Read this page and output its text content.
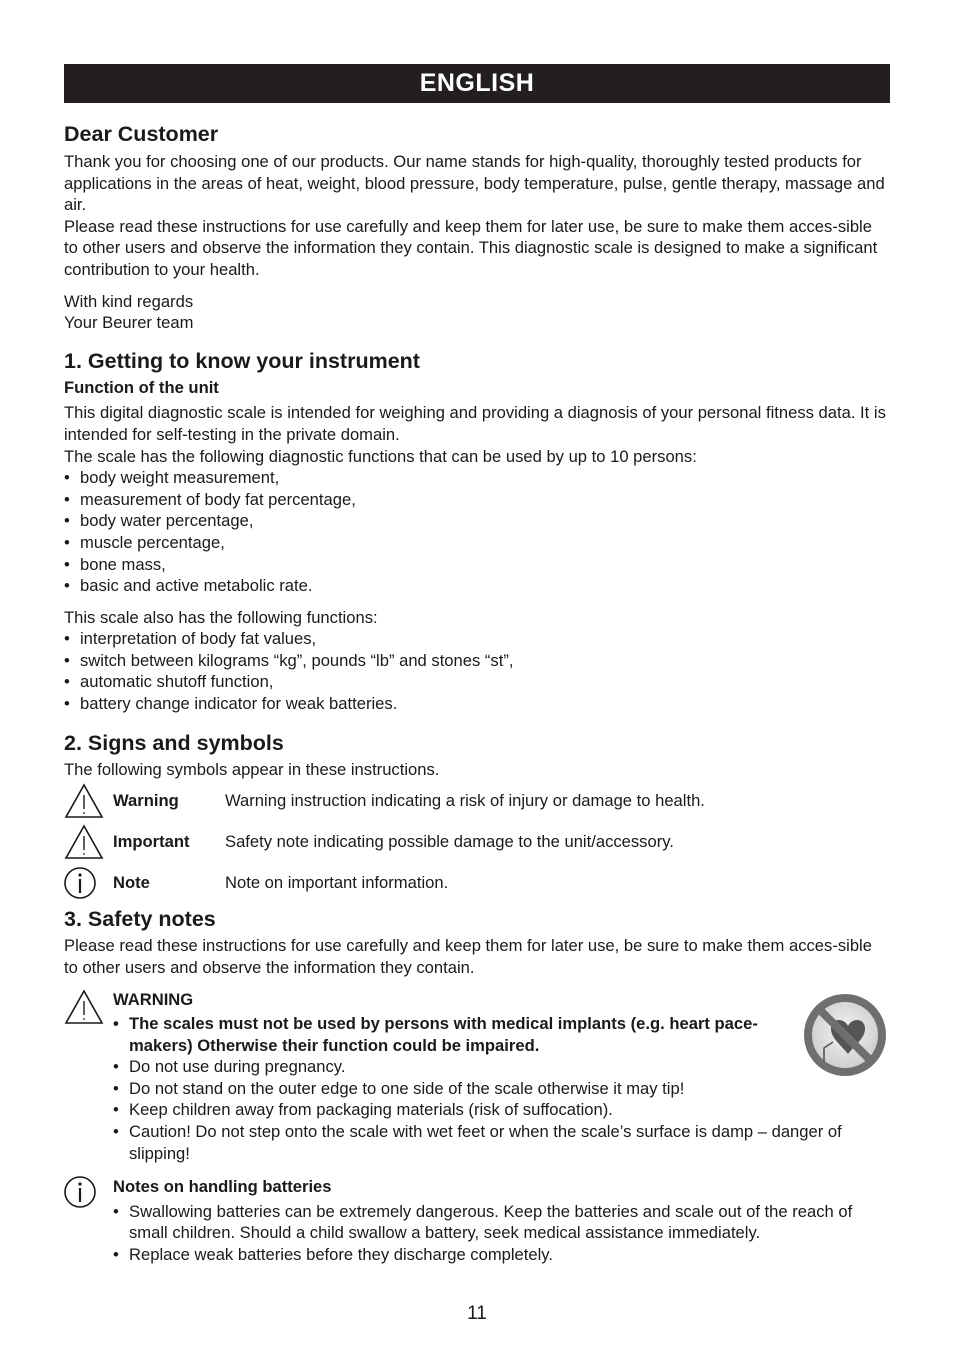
ENGLISH
Dear Customer

Thank you for choosing one of our products. Our name stands for high-quality, thoroughly tested products for applications in the areas of heat, weight, blood pressure, body temperature, pulse, gentle therapy, massage and air.

Please read these instructions for use carefully and keep them for later use, be sure to make them acces-sible to other users and observe the information they contain. This diagnostic scale is designed to make a significant contribution to your health.

With kind regards

Your Beurer team

1. Getting to know your instrument
Function of the unit

This digital diagnostic scale is intended for weighing and providing a diagnosis of your personal fitness data. It is intended for self-testing in the private domain.

The scale has the following diagnostic functions that can be used by up to 10 persons:

• body weight measurement,
• measurement of body fat percentage,
• body water percentage,
• muscle percentage,
• bone mass,
• basic and active metabolic rate.

This scale also has the following functions:

• interpretation of body fat values,
• switch between kilograms “kg”, pounds “lb” and stones “st”,
• automatic shutoff function,
• battery change indicator for weak batteries.
2. Signs and symbols

The following symbols appear in these instructions.

Warning	Warning instruction indicating a risk of injury or damage to health.
Important	Safety note indicating possible damage to the unit/accessory.
Note	Note on important information.
3. Safety notes

Please read these instructions for use carefully and keep them for later use, be sure to make them acces-sible to other users and observe the information they contain.

WARNING
• The scales must not be used by persons with medical implants (e.g. heart pace-makers) Otherwise their function could be impaired.
• Do not use during pregnancy.
• Do not stand on the outer edge to one side of the scale otherwise it may tip!
• Keep children away from packaging materials (risk of suffocation).
• Caution! Do not step onto the scale with wet feet or when the scale’s surface is damp – danger of slipping!
Notes on handling batteries
• Swallowing batteries can be extremely dangerous. Keep the batteries and scale out of the reach of small children. Should a child swallow a battery, seek medical assistance immediately.
• Replace weak batteries before they discharge completely.
11
